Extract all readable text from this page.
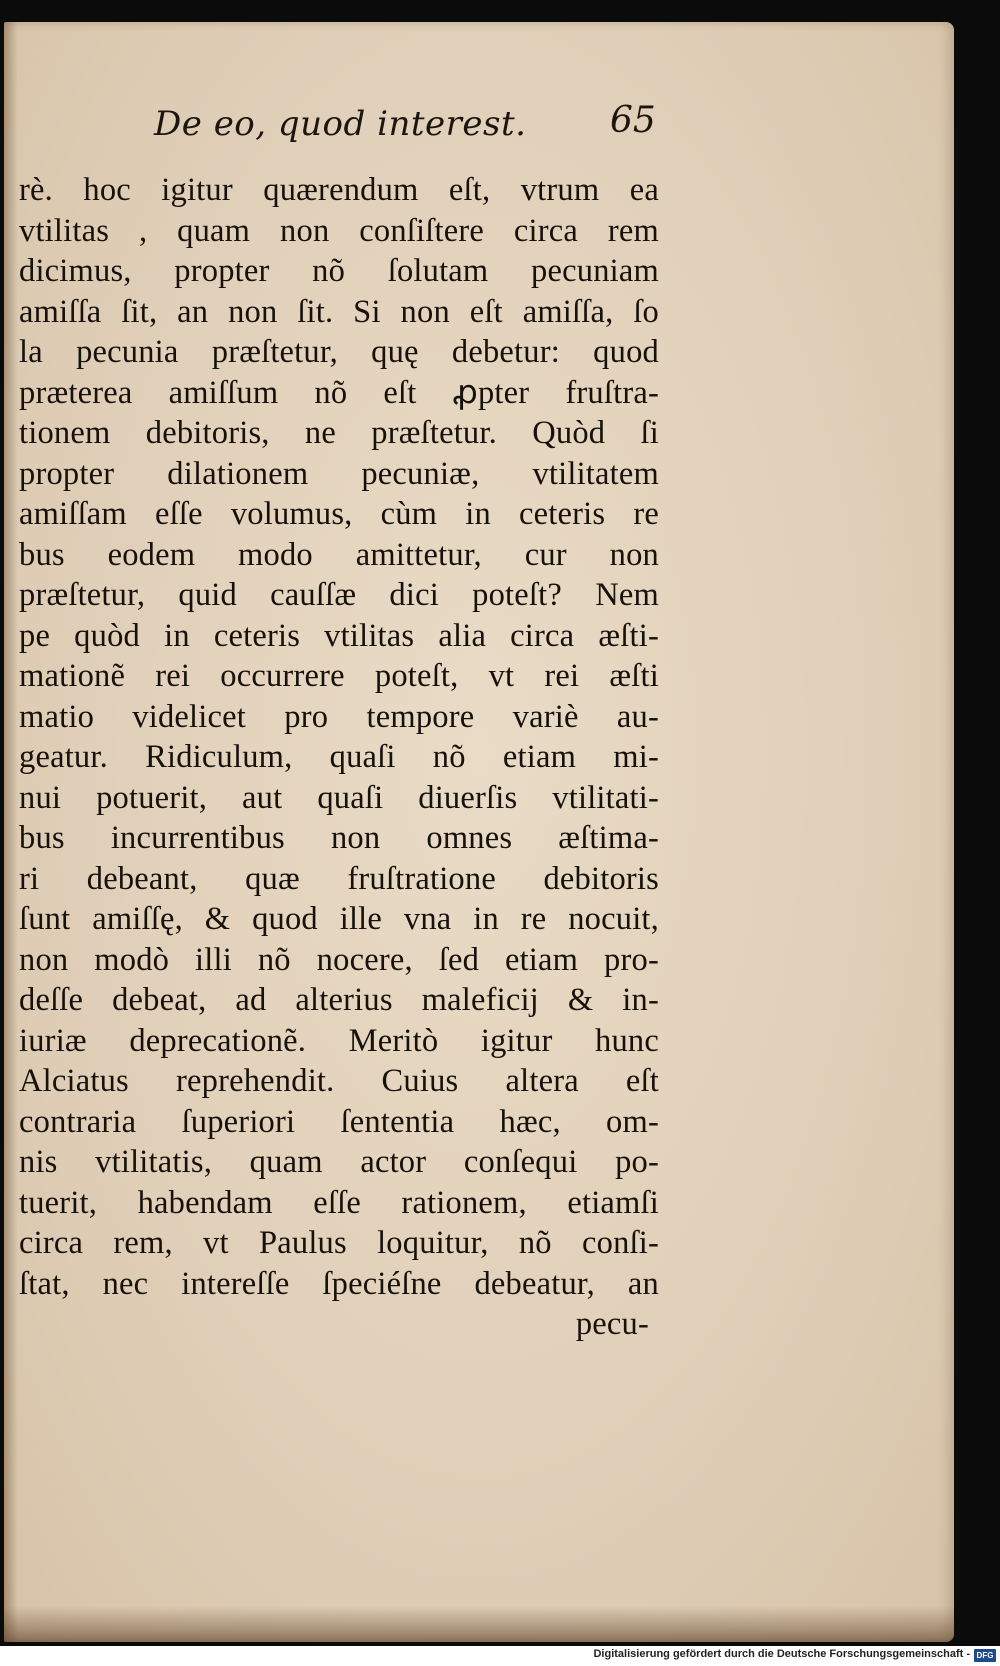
De eo, quod interest. 65
rè. hoc igitur quærendum eſt, vtrum ea
vtilitas , quam non conſiſtere circa rem
dicimus, propter nõ ſolutam pecuniam
amiſſa ſit, an non ſit. Si non eſt amiſſa, ſo
la pecunia præſtetur, quę debetur: quod
præterea amiſſum nõ eſt ꝓpter fruſtra-
tionem debitoris, ne præſtetur. Quòd ſi
propter dilationem pecuniæ, vtilitatem
amiſſam eſſe volumus, cùm in ceteris re
bus eodem modo amittetur, cur non
præſtetur, quid cauſſæ dici poteſt? Nem
pe quòd in ceteris vtilitas alia circa æſti-
mationẽ rei occurrere poteſt, vt rei æſti
matio videlicet pro tempore variè au-
geatur. Ridiculum, quaſi nõ etiam mi-
nui potuerit, aut quaſi diuerſis vtilitati-
bus incurrentibus non omnes æſtima-
ri debeant, quæ fruſtratione debitoris
ſunt amiſſę, & quod ille vna in re nocuit,
non modò illi nõ nocere, ſed etiam pro-
deſſe debeat, ad alterius maleficij & in-
iuriæ deprecationẽ. Meritò igitur hunc
Alciatus reprehendit. Cuius altera eſt
contraria ſuperiori ſententia hæc, om-
nis vtilitatis, quam actor conſequi po-
tuerit, habendam eſſe rationem, etiamſi
circa rem, vt Paulus loquitur, nõ conſi-
ſtat, nec intereſſe ſpeciéſne debeatur, an
pecu-
Digitalisierung gefördert durch die Deutsche Forschungsgemeinschaft - DFG
